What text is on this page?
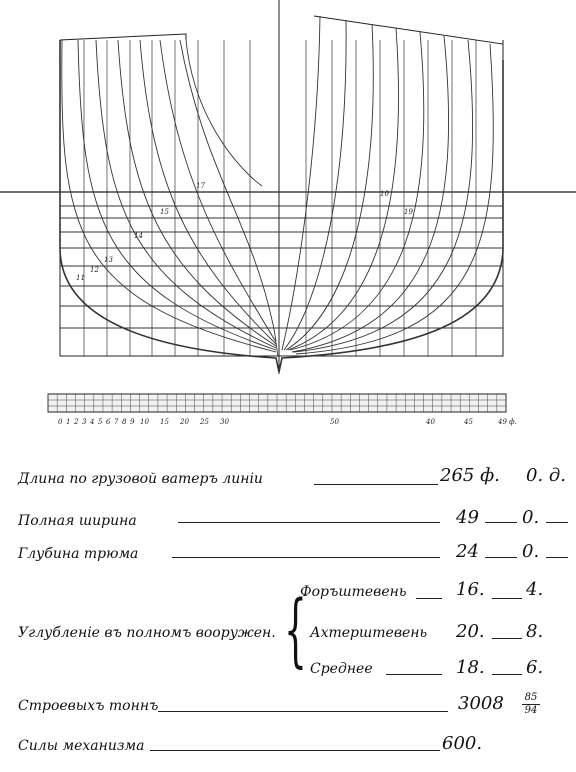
17
15
14
13
12
11
10
19
0 1 2 3 4 5 6 7 8 9 10 15 20 25 30	50	40	45	49 ф.
Длина по грузовой ватеръ линіи	265 ф. 0. д.
Полная ширина	49 0.
Глубина трюма	24 0.
Углубленіе въ полномъ вооружен. {
Форъштевень	16. 4.
Ахтерштевень 20. 8.
Среднее	18. 6.
Строевыхъ тоннъ	$3008 \frac{85}{94}$
Силы механизма	600.
